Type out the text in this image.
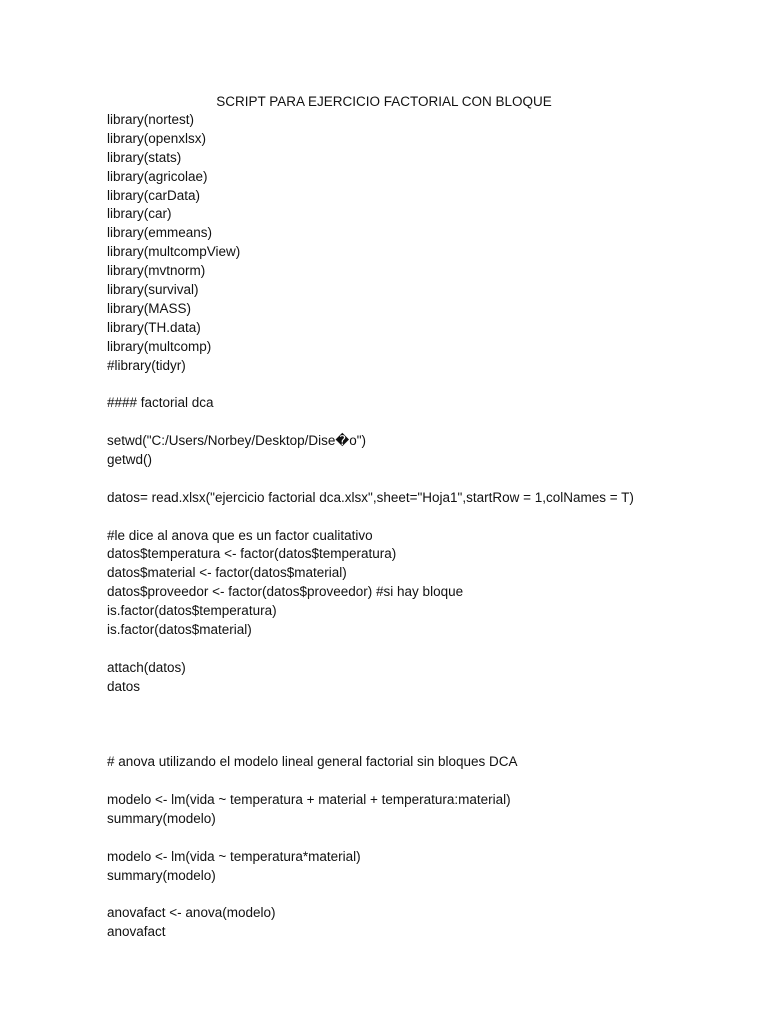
SCRIPT PARA EJERCICIO FACTORIAL CON BLOQUE
library(nortest)
library(openxlsx)
library(stats)
library(agricolae)
library(carData)
library(car)
library(emmeans)
library(multcompView)
library(mvtnorm)
library(survival)
library(MASS)
library(TH.data)
library(multcomp)
#library(tidyr)
#### factorial dca
setwd("C:/Users/Norbey/Desktop/Dise�o")
getwd()
datos= read.xlsx("ejercicio factorial dca.xlsx",sheet="Hoja1",startRow = 1,colNames = T)
#le dice al anova que es un factor cualitativo
datos$temperatura <- factor(datos$temperatura)
datos$material <- factor(datos$material)
datos$proveedor <- factor(datos$proveedor) #si hay bloque
is.factor(datos$temperatura)
is.factor(datos$material)
attach(datos)
datos
# anova utilizando el modelo lineal general factorial sin bloques DCA
modelo <- lm(vida ~ temperatura + material + temperatura:material)
summary(modelo)
modelo <- lm(vida ~ temperatura*material)
summary(modelo)
anovafact <- anova(modelo)
anovafact
